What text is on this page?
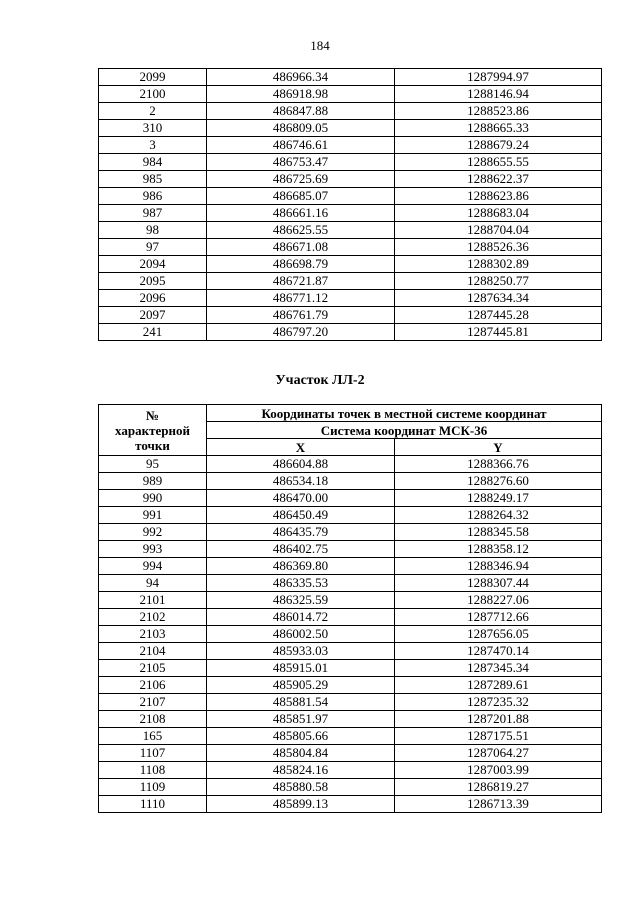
184
2099	486966.34	1287994.97
2100	486918.98	1288146.94
2	486847.88	1288523.86
310	486809.05	1288665.33
3	486746.61	1288679.24
984	486753.47	1288655.55
985	486725.69	1288622.37
986	486685.07	1288623.86
987	486661.16	1288683.04
98	486625.55	1288704.04
97	486671.08	1288526.36
2094	486698.79	1288302.89
2095	486721.87	1288250.77
2096	486771.12	1287634.34
2097	486761.79	1287445.28
241	486797.20	1287445.81
Участок ЛЛ-2
№
характерной
точки	Координаты точек в местной системе координат	
	Система координат МСК-36	
	X	Y
95	486604.88	1288366.76
989	486534.18	1288276.60
990	486470.00	1288249.17
991	486450.49	1288264.32
992	486435.79	1288345.58
993	486402.75	1288358.12
994	486369.80	1288346.94
94	486335.53	1288307.44
2101	486325.59	1288227.06
2102	486014.72	1287712.66
2103	486002.50	1287656.05
2104	485933.03	1287470.14
2105	485915.01	1287345.34
2106	485905.29	1287289.61
2107	485881.54	1287235.32
2108	485851.97	1287201.88
165	485805.66	1287175.51
1107	485804.84	1287064.27
1108	485824.16	1287003.99
1109	485880.58	1286819.27
1110	485899.13	1286713.39
